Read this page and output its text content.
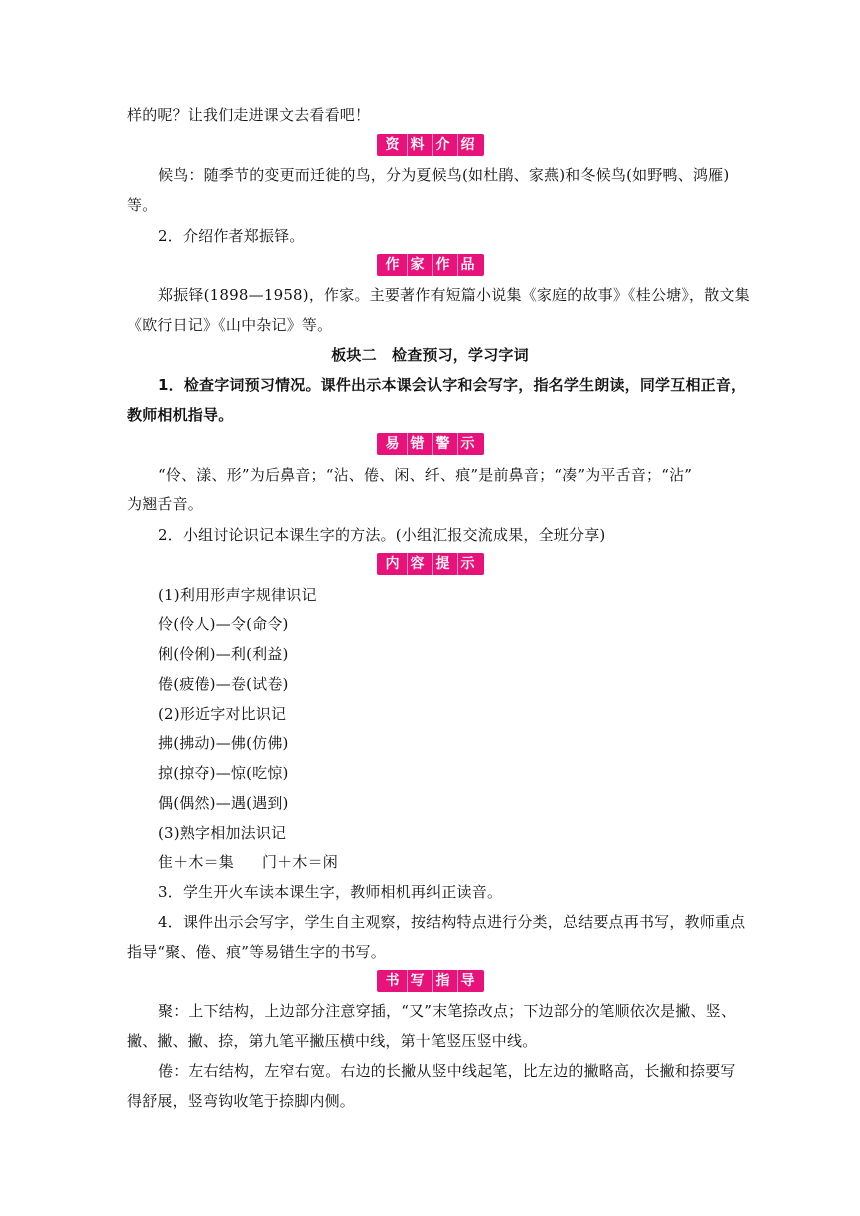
样的呢？让我们走进课文去看看吧！
资 料 介 绍
候鸟：随季节的变更而迁徙的鸟，分为夏候鸟(如杜鹃、家燕)和冬候鸟(如野鸭、鸿雁)
等。
2．介绍作者郑振铎。
作 家 作 品
郑振铎(1898—1958)，作家。主要著作有短篇小说集《家庭的故事》《桂公塘》，散文集
《欧行日记》《山中杂记》等。
板块二　检查预习，学习字词
1．检查字词预习情况。课件出示本课会认字和会写字，指名学生朗读，同学互相正音，
教师相机指导。
易 错 警 示
“伶、漾、形”为后鼻音；“沾、倦、闲、纤、痕”是前鼻音；“凑”为平舌音；“沾”
为翘舌音。
2．小组讨论识记本课生字的方法。(小组汇报交流成果，全班分享)
内 容 提 示
(1)利用形声字规律识记
伶(伶人)—令(命令)
俐(伶俐)—利(利益)
倦(疲倦)—卷(试卷)
(2)形近字对比识记
拂(拂动)—佛(仿佛)
掠(掠夺)—惊(吃惊)
偶(偶然)—遇(遇到)
(3)熟字相加法识记
隹＋木＝集 门＋木＝闲
3．学生开火车读本课生字，教师相机再纠正读音。
4．课件出示会写字，学生自主观察，按结构特点进行分类，总结要点再书写，教师重点
指导“聚、倦、痕”等易错生字的书写。
书 写 指 导
聚：上下结构，上边部分注意穿插，“又”末笔捺改点；下边部分的笔顺依次是撇、竖、
撇、撇、撇、捺，第九笔平撇压横中线，第十笔竖压竖中线。
倦：左右结构，左窄右宽。右边的长撇从竖中线起笔，比左边的撇略高，长撇和捺要写
得舒展，竖弯钩收笔于捺脚内侧。
